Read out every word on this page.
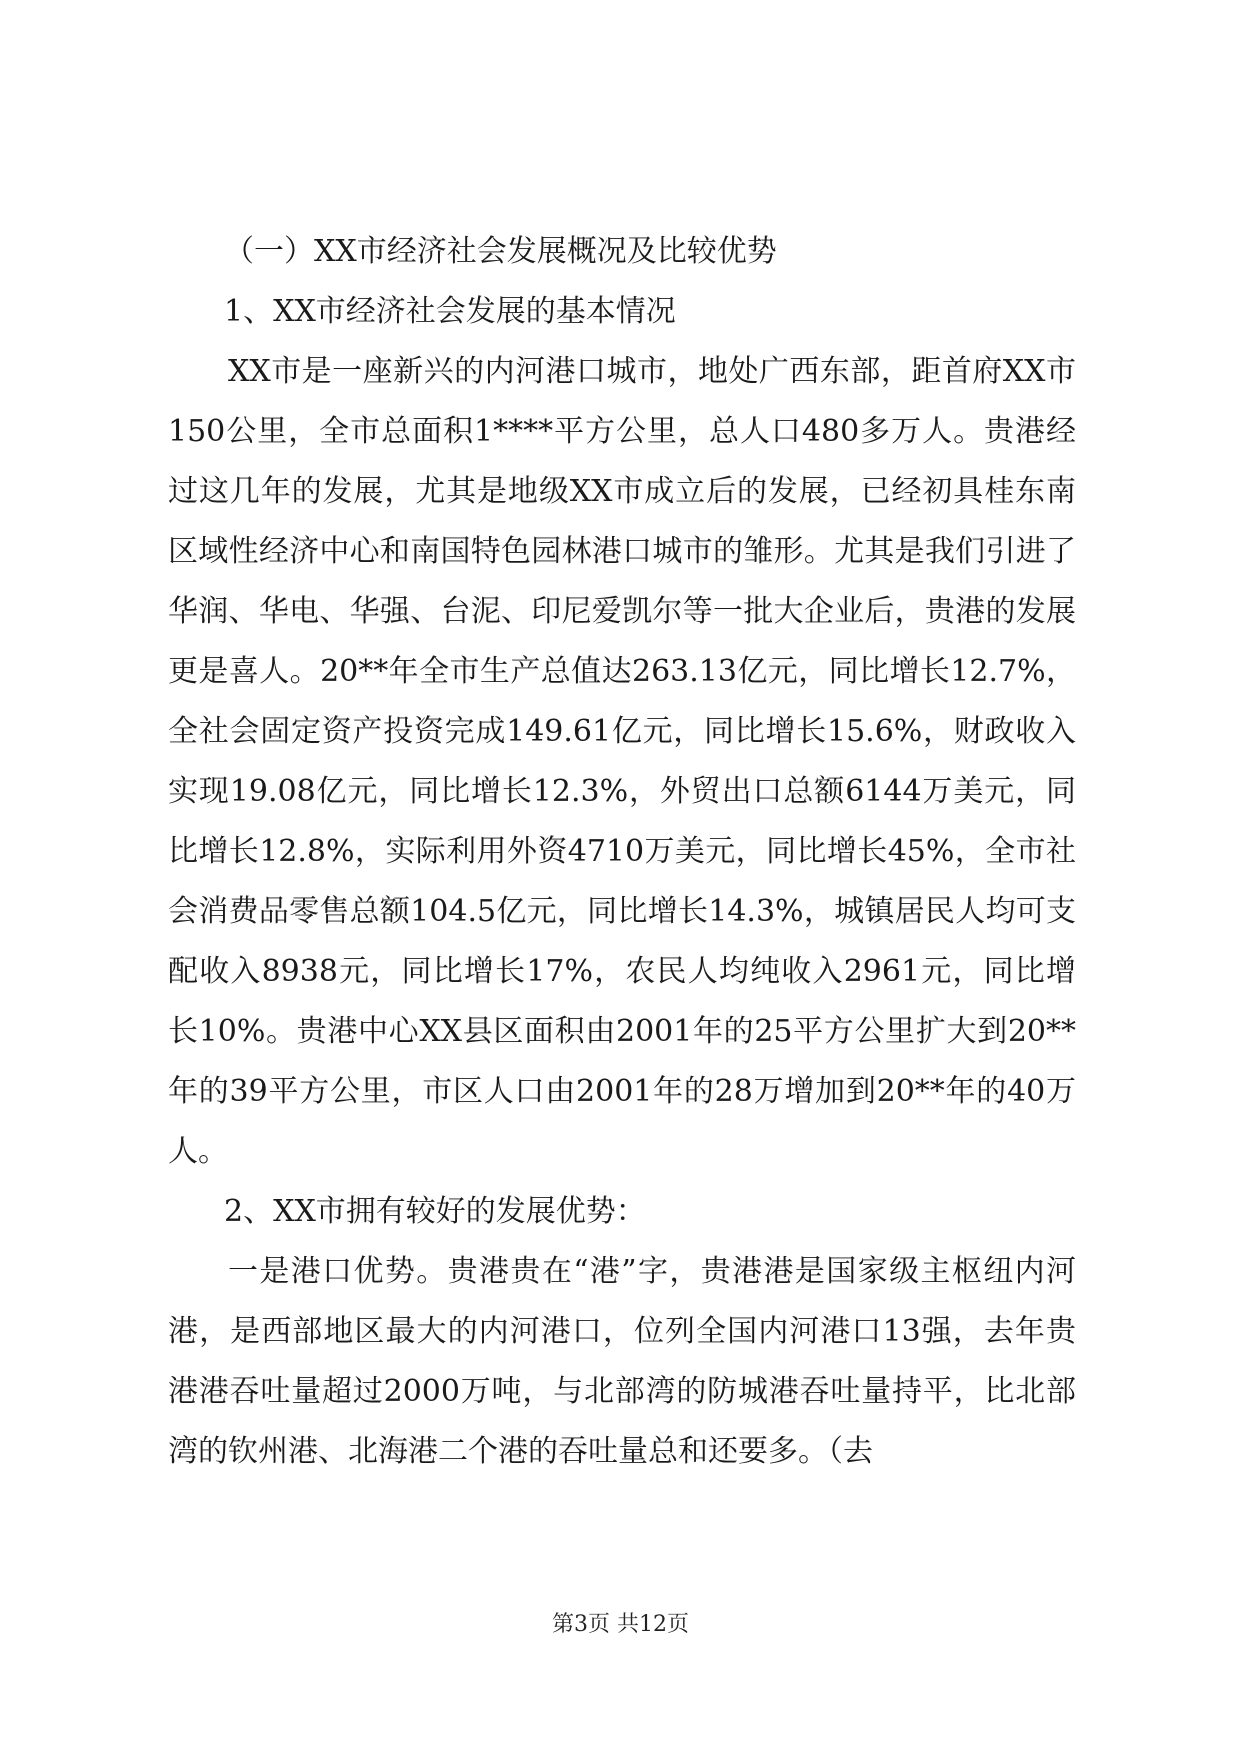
（一）XX市经济社会发展概况及比较优势

1、XX市经济社会发展的基本情况

XX市是一座新兴的内河港口城市，地处广西东部，距首府XX市150公里，全市总面积1****平方公里，总人口480多万人。贵港经过这几年的发展，尤其是地级XX市成立后的发展，已经初具桂东南区域性经济中心和南国特色园林港口城市的雏形。尤其是我们引进了华润、华电、华强、台泥、印尼爱凯尔等一批大企业后，贵港的发展更是喜人。20**年全市生产总值达263.13亿元，同比增长12.7%，全社会固定资产投资完成149.61亿元，同比增长15.6%，财政收入实现19.08亿元，同比增长12.3%，外贸出口总额6144万美元，同比增长12.8%，实际利用外资4710万美元，同比增长45%，全市社会消费品零售总额104.5亿元，同比增长14.3%，城镇居民人均可支配收入8938元，同比增长17%，农民人均纯收入2961元，同比增长10%。贵港中心XX县区面积由2001年的25平方公里扩大到20**年的39平方公里，市区人口由2001年的28万增加到20**年的40万人。

2、XX市拥有较好的发展优势：

一是港口优势。贵港贵在“港”字，贵港港是国家级主枢纽内河港，是西部地区最大的内河港口，位列全国内河港口13强，去年贵港港吞吐量超过2000万吨，与北部湾的防城港吞吐量持平，比北部湾的钦州港、北海港二个港的吞吐量总和还要多。（去

第3页 共12页
